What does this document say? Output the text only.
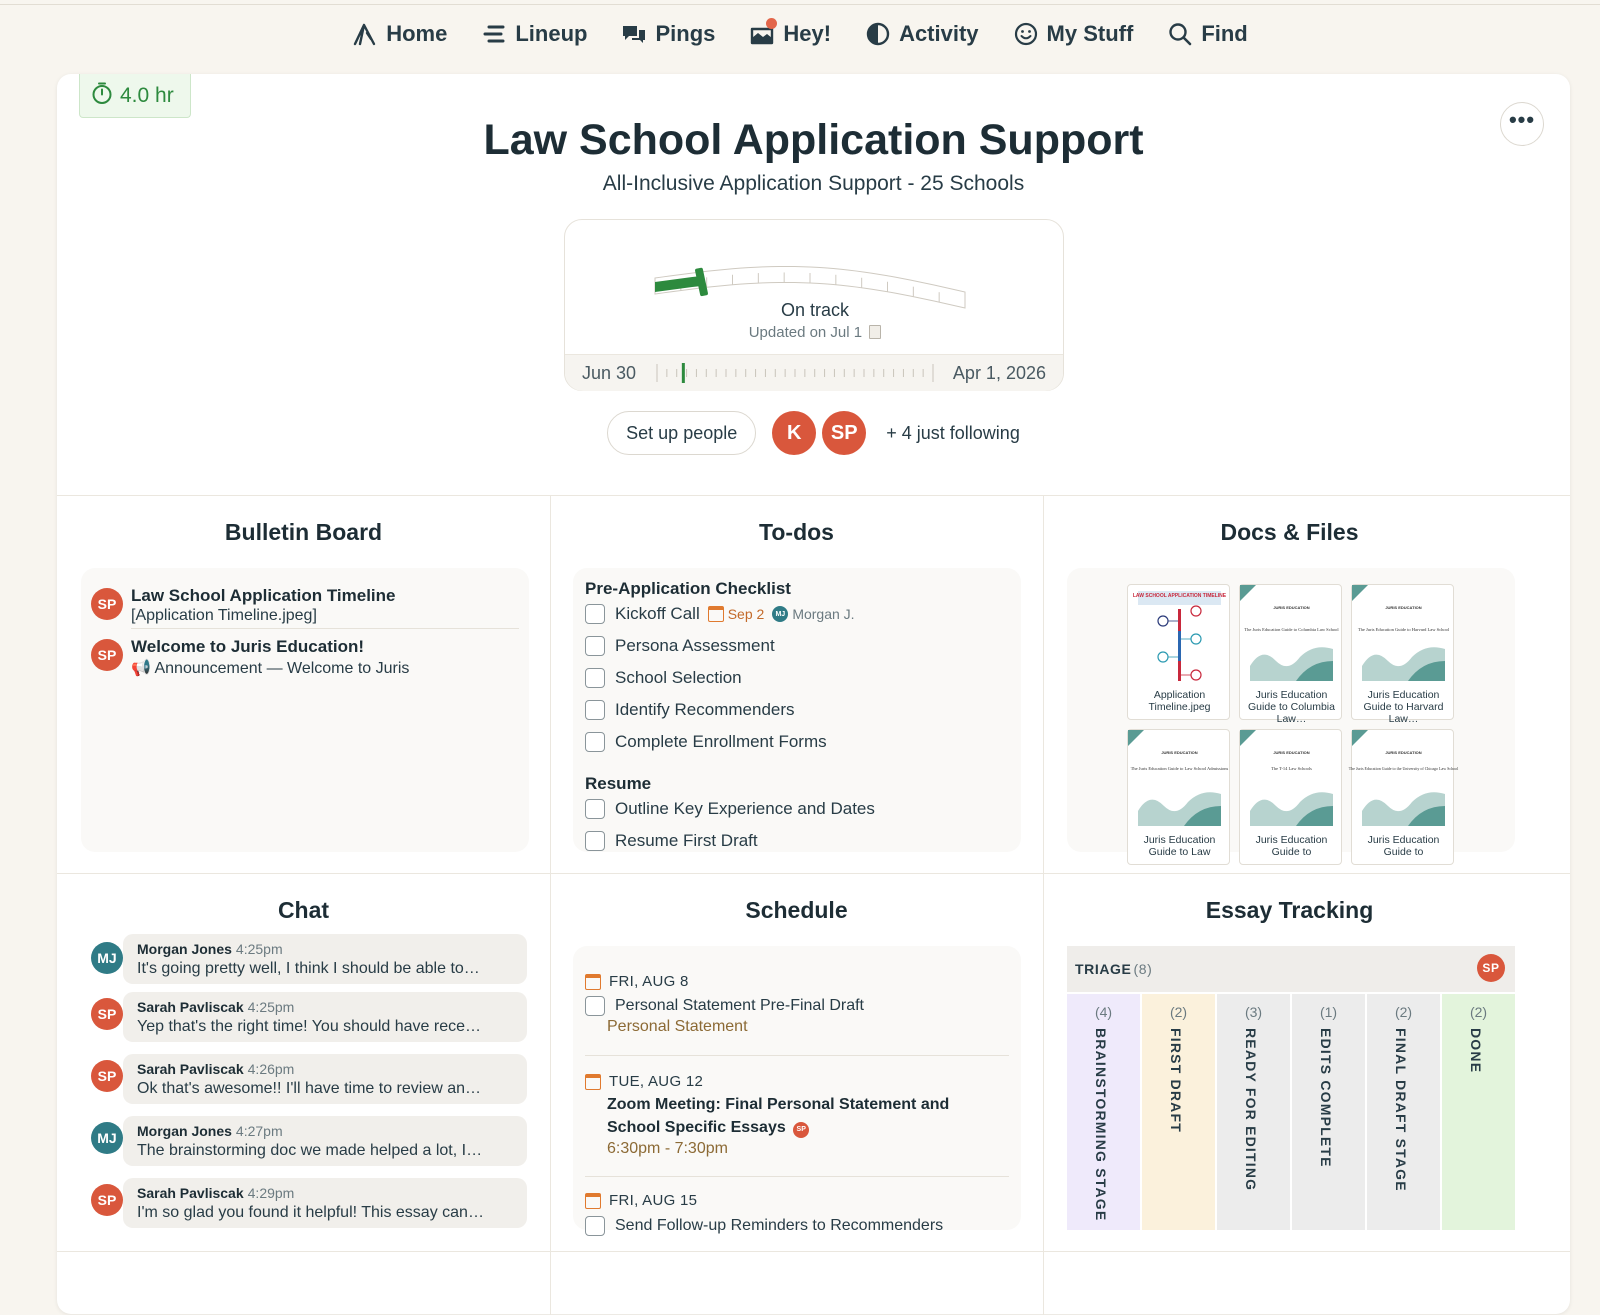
Home	Lineup	Pings	Hey!	Activity	My Stuff	Find
4.0 hr
•••
Law School Application Support
All-Inclusive Application Support - 25 Schools
On track
Updated on Jul 1
Jun 30	Apr 1, 2026
Set up people	K	SP	+ 4 just following
Bulletin Board
SP Law School Application Timeline
[Application Timeline.jpeg]
SP Welcome to Juris Education!
📢 Announcement — Welcome to Juris
To-dos
Pre-Application Checklist
Kickoff Call Sep 2	MJ Morgan J.
Persona Assessment
School Selection
Identify Recommenders
Complete Enrollment Forms
Resume
Outline Key Experience and Dates
Resume First Draft
Docs & Files
LAW SCHOOL APPLICATION TIMELINE
Application Timeline.jpeg
JURIS EDUCATION
The Juris Education Guide to Columbia Law School
Juris Education Guide to Columbia Law…
JURIS EDUCATION
The Juris Education Guide to Harvard Law School
Juris Education Guide to Harvard Law…
JURIS EDUCATION
The Juris Education Guide to Law School Admissions
Juris Education Guide to Law
JURIS EDUCATION
The T-14 Law Schools
Juris Education Guide to
JURIS EDUCATION
The Juris Education Guide to the University of Chicago Law School
Juris Education Guide to
Chat
Morgan Jones 4:25pm
It's going pretty well, I think I should be able to…
MJ
Sarah Pavliscak 4:25pm
Yep that's the right time! You should have rece…
SP
Sarah Pavliscak 4:26pm
Ok that's awesome!! I'll have time to review an…
SP
Morgan Jones 4:27pm
The brainstorming doc we made helped a lot, I…
MJ
Sarah Pavliscak 4:29pm
I'm so glad you found it helpful! This essay can…
SP
Schedule
FRI, AUG 8
Personal Statement Pre-Final Draft
Personal Statement
TUE, AUG 12
Zoom Meeting: Final Personal Statement and School Specific Essays SP
6:30pm - 7:30pm
FRI, AUG 15
Send Follow-up Reminders to Recommenders
Essay Tracking
TRIAGE (8)	SP
(4)
BRAINSTORMING STAGE
(2)
FIRST DRAFT
(3)
READY FOR EDITING
(1)
EDITS COMPLETE
(2)
FINAL DRAFT STAGE
(2)
DONE
